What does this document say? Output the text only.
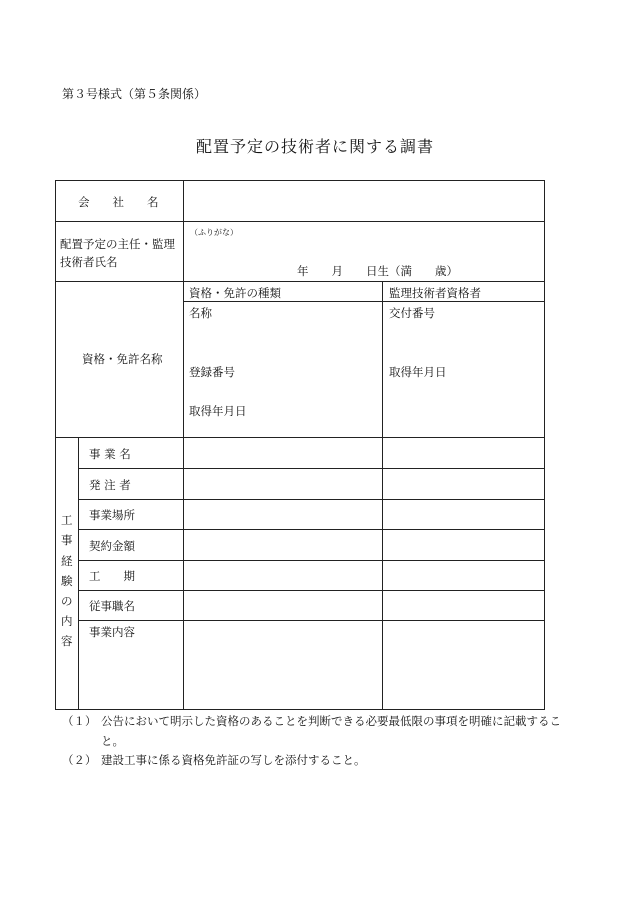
第３号様式（第５条関係）
配置予定の技術者に関する調書
会　　社　　名
配置予定の主任・監理
技術者氏名
（ふりがな）
年　　月　　日生（満　　歳）
資格・免許名称
資格・免許の種類	監理技術者資格者
名称
登録番号
取得年月日
交付番号
取得年月日
工
事
経
験
の
内
容
事 業 名
発 注 者
事業場所
契約金額
工　　期
従事職名
事業内容
（１） 公告において明示した資格のあることを判断できる必要最低限の事項を明確に記載するこ
と。
（２） 建設工事に係る資格免許証の写しを添付すること。
